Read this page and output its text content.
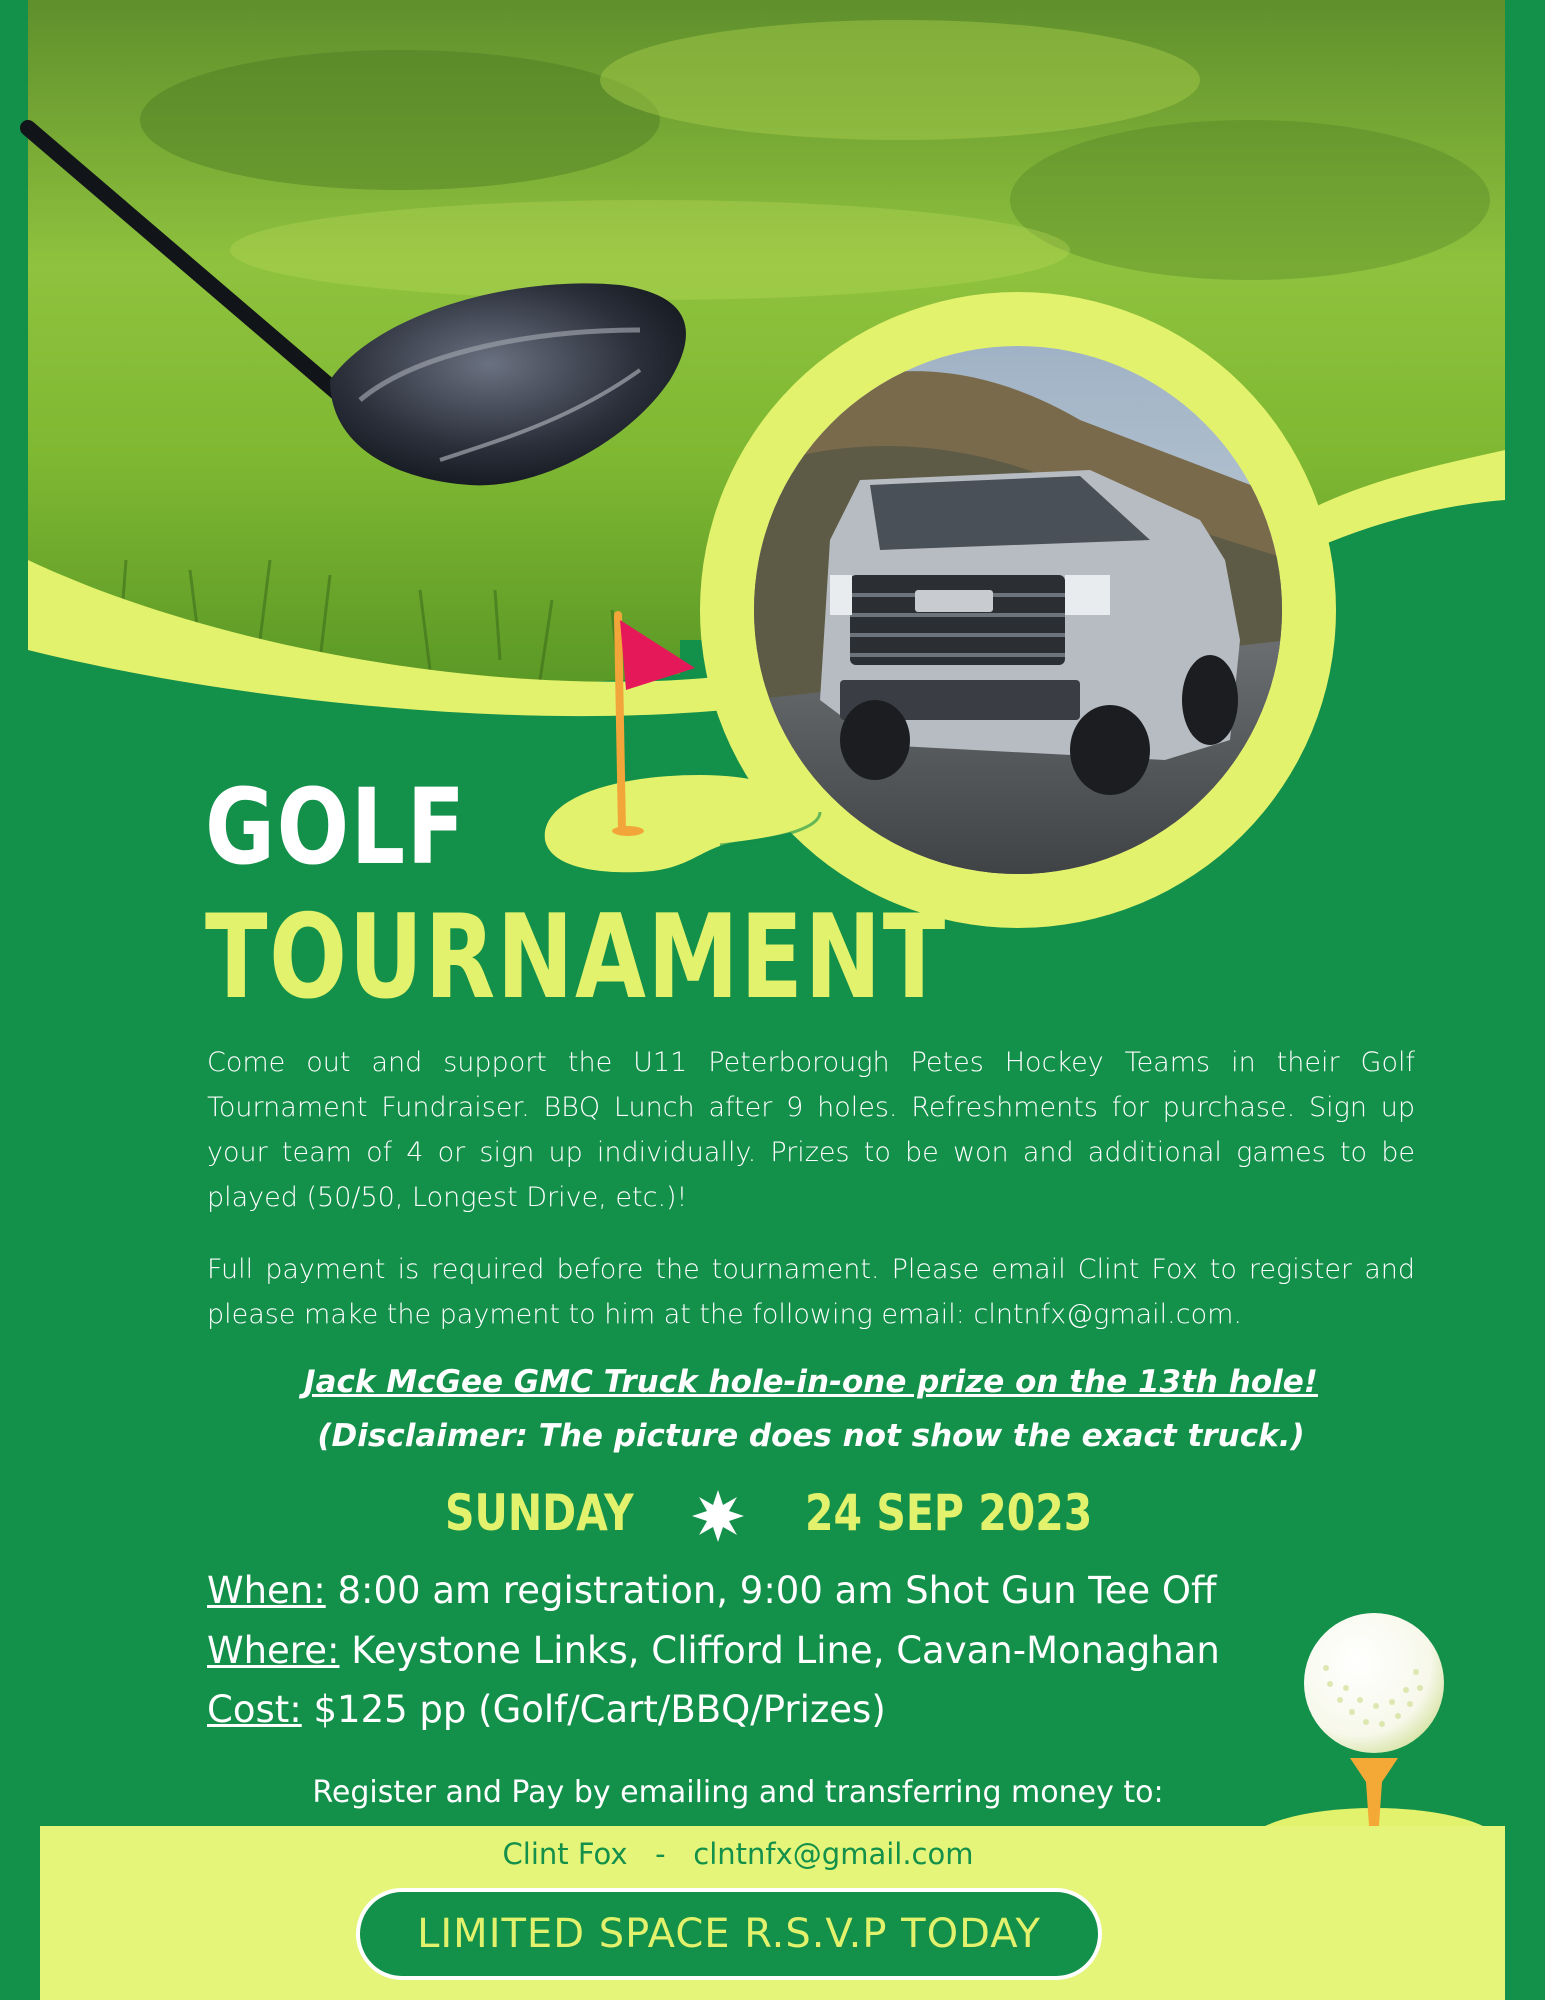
GOLF
TOURNAMENT

Come out and support the U11 Peterborough Petes Hockey Teams in their Golf Tournament Fundraiser. BBQ Lunch after 9 holes. Refreshments for purchase. Sign up your team of 4 or sign up individually. Prizes to be won and additional games to be played (50/50, Longest Drive, etc.)!

Full payment is required before the tournament. Please email Clint Fox to register and please make the payment to him at the following email: clntnfx@gmail.com.

Jack McGee GMC Truck hole-in-one prize on the 13th hole!
(Disclaimer: The picture does not show the exact truck.)
SUNDAY	24 SEP 2023
When: 8:00 am registration, 9:00 am Shot Gun Tee Off
Where: Keystone Links, Clifford Line, Cavan-Monaghan
Cost: $125 pp (Golf/Cart/BBQ/Prizes)
Register and Pay by emailing and transferring money to:
Clint Fox   -   clntnfx@gmail.com
LIMITED SPACE R.S.V.P TODAY
